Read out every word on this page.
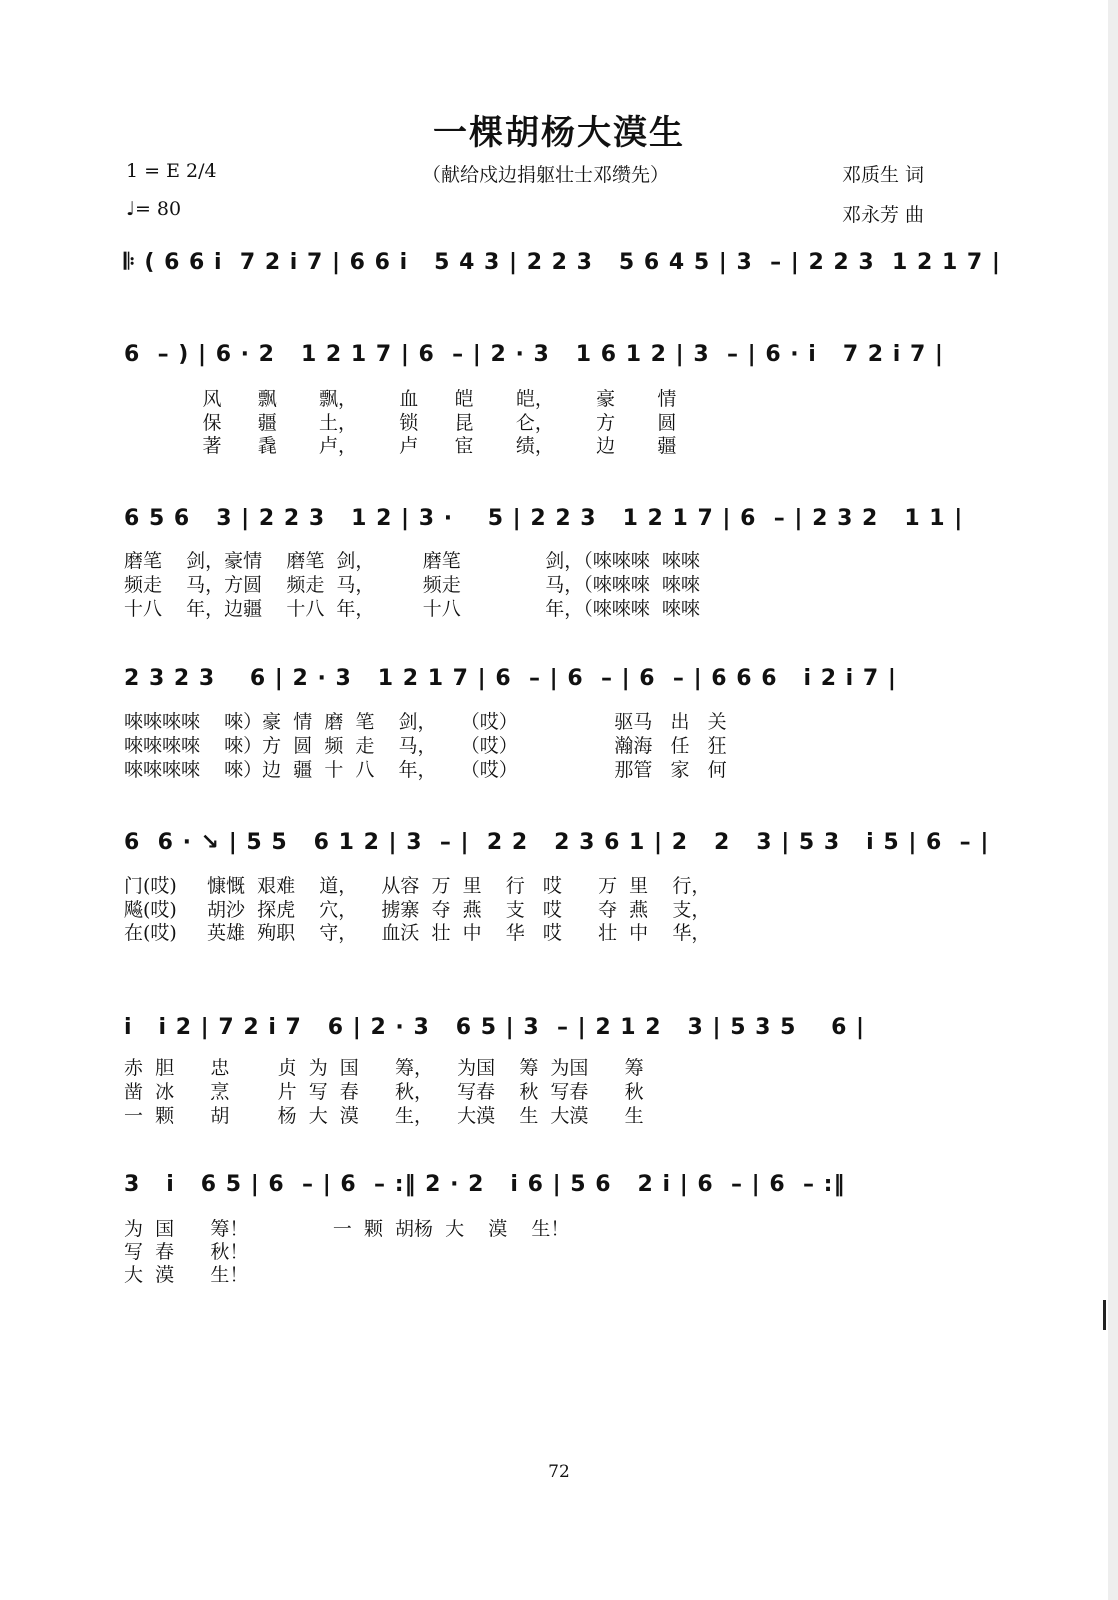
一棵胡杨大漠生
1 = E 2/4
♩= 80
（献给戍边捐躯壮士邓缵先）	邓质生 词
邓永芳 曲
𝄆 ( 6 6 i  7 2 i 7 | 6 6 i   5 4 3 | 2 2 3   5 6 4 5 | 3  – | 2 2 3  1 2 1 7 |
6  – ) | 6 · 2   1 2 1 7 | 6  – | 2 · 3   1 6 1 2 | 3  – | 6 · i   7 2 i 7 |
风      飘       飘，       血      皑       皑，       豪       情
保      疆       土，       锁      昆       仑，       方       圆
著      毳       卢，       卢      宦       绩，       边       疆
6 5 6   3 | 2 2 3   1 2 | 3 ·    5 | 2 2 3   1 2 1 7 | 6  – | 2 3 2   1 1 |
磨笔    剑，豪情    磨笔  剑，        磨笔              剑，（唻唻唻  唻唻
频走    马，方圆    频走  马，        频走              马，（唻唻唻  唻唻
十八    年，边疆    十八  年，        十八              年，（唻唻唻  唻唻
2 3 2 3    6 | 2 · 3   1 2 1 7 | 6  – | 6  – | 6  – | 6 6 6   i 2 i 7 |
唻唻唻唻    唻）豪  情  磨  笔    剑，    （哎）                驱马   出   关
唻唻唻唻    唻）方  圆  频  走    马，    （哎）                瀚海   任   狂
唻唻唻唻    唻）边  疆  十  八    年，    （哎）                那管   家   何
6  6 · ↘ | 5 5   6 1 2 | 3  – |  2 2   2 3 6 1 | 2   2   3 | 5 3   i 5 | 6  – |
门(哎)     慷慨  艰难    道，    从容  万  里    行   哎      万  里    行，
飚(哎)     胡沙  探虎    穴，    掳寨  夺  燕    支   哎      夺  燕    支，
在(哎)     英雄  殉职    守，    血沃  壮  中    华   哎      壮  中    华，
i   i 2 | 7 2 i 7   6 | 2 · 3   6 5 | 3  – | 2 1 2   3 | 5 3 5    6 |
赤  胆      忠        贞  为  国      筹，    为国    筹  为国      筹
凿  冰      烹        片  写  春      秋，    写春    秋  写春      秋
一  颗      胡        杨  大  漠      生，    大漠    生  大漠      生
3   i   6 5 | 6  – | 6  – :‖ 2 · 2   i 6 | 5 6   2 i | 6  – | 6  – :‖
为  国      筹！              一  颗  胡杨  大    漠    生！
写  春      秋！
大  漠      生！
72
